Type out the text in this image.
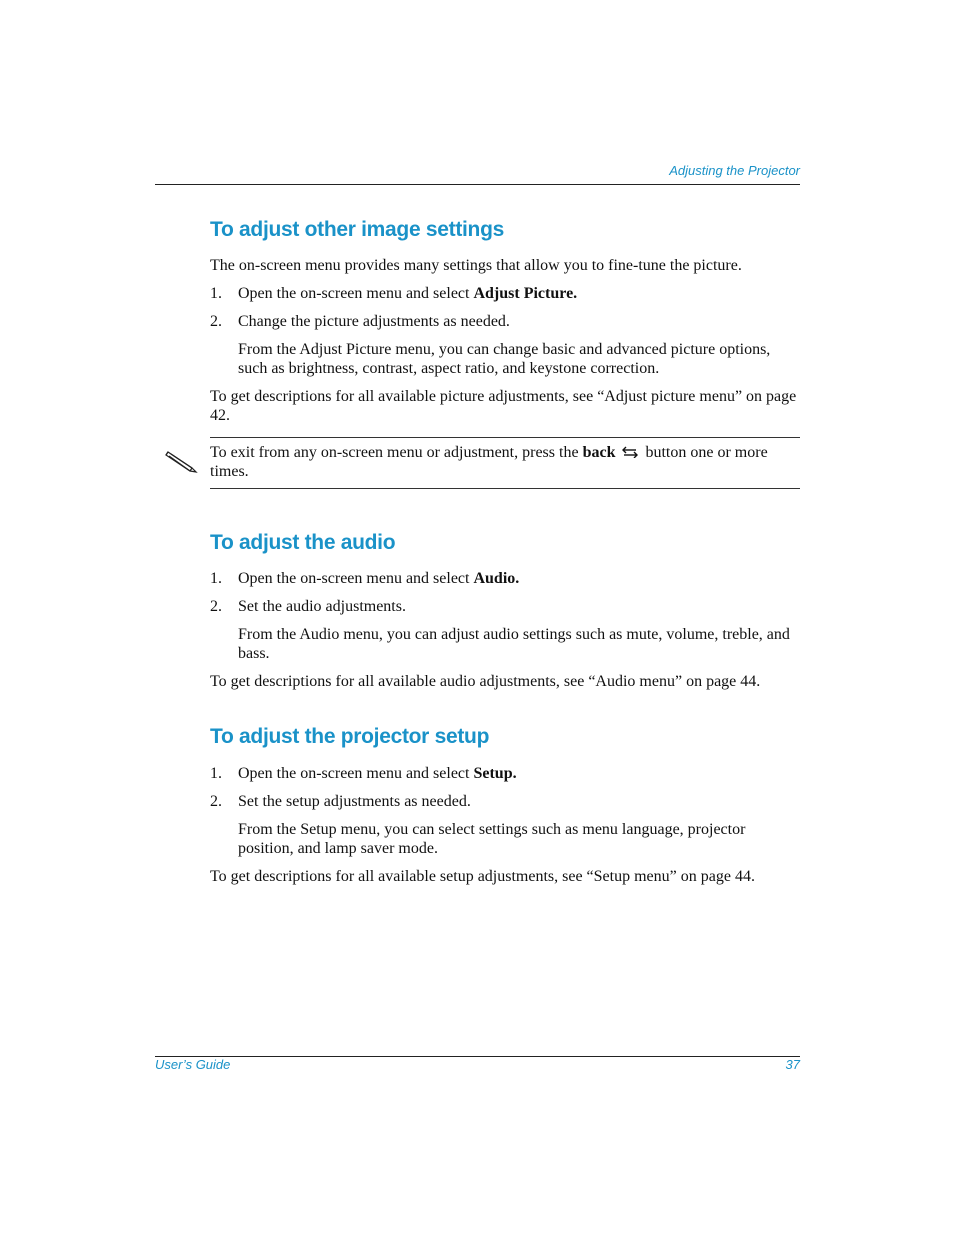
Adjusting the Projector
To adjust other image settings

The on-screen menu provides many settings that allow you to fine-tune the picture.

1. Open the on-screen menu and select Adjust Picture.
2. Change the picture adjustments as needed.

From the Adjust Picture menu, you can change basic and advanced picture options, such as brightness, contrast, aspect ratio, and keystone correction.

To get descriptions for all available picture adjustments, see “Adjust picture menu” on page 42.

To exit from any on-screen menu or adjustment, press the back  button one or more times.

To adjust the audio
1. Open the on-screen menu and select Audio.
2. Set the audio adjustments.

From the Audio menu, you can adjust audio settings such as mute, volume, treble, and bass.

To get descriptions for all available audio adjustments, see “Audio menu” on page 44.

To adjust the projector setup
1. Open the on-screen menu and select Setup.
2. Set the setup adjustments as needed.

From the Setup menu, you can select settings such as menu language, projector position, and lamp saver mode.

To get descriptions for all available setup adjustments, see “Setup menu” on page 44.

User’s Guide	37
